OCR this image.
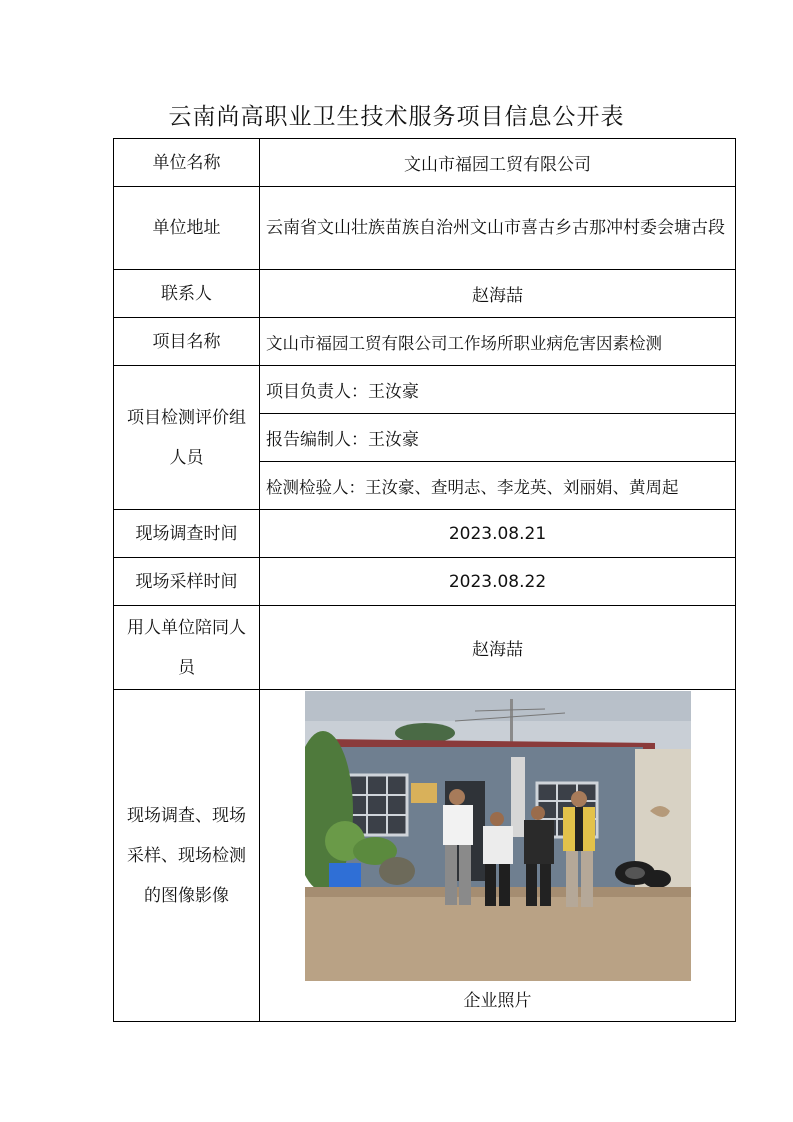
云南尚高职业卫生技术服务项目信息公开表
单位名称	文山市福园工贸有限公司
单位地址	云南省文山壮族苗族自治州文山市喜古乡古那冲村委会塘古段
联系人	赵海喆
项目名称	文山市福园工贸有限公司工作场所职业病危害因素检测

项目检测评价组人员	项目负责人：王汝豪
	报告编制人：王汝豪
	检测检验人：王汝豪、查明志、李龙英、刘丽娟、黄周起
现场调查时间	2023.08.21
现场采样时间	2023.08.22

用人单位陪同人员	赵海喆

现场调查、现场采样、现场检测的图像影像	企业照片
